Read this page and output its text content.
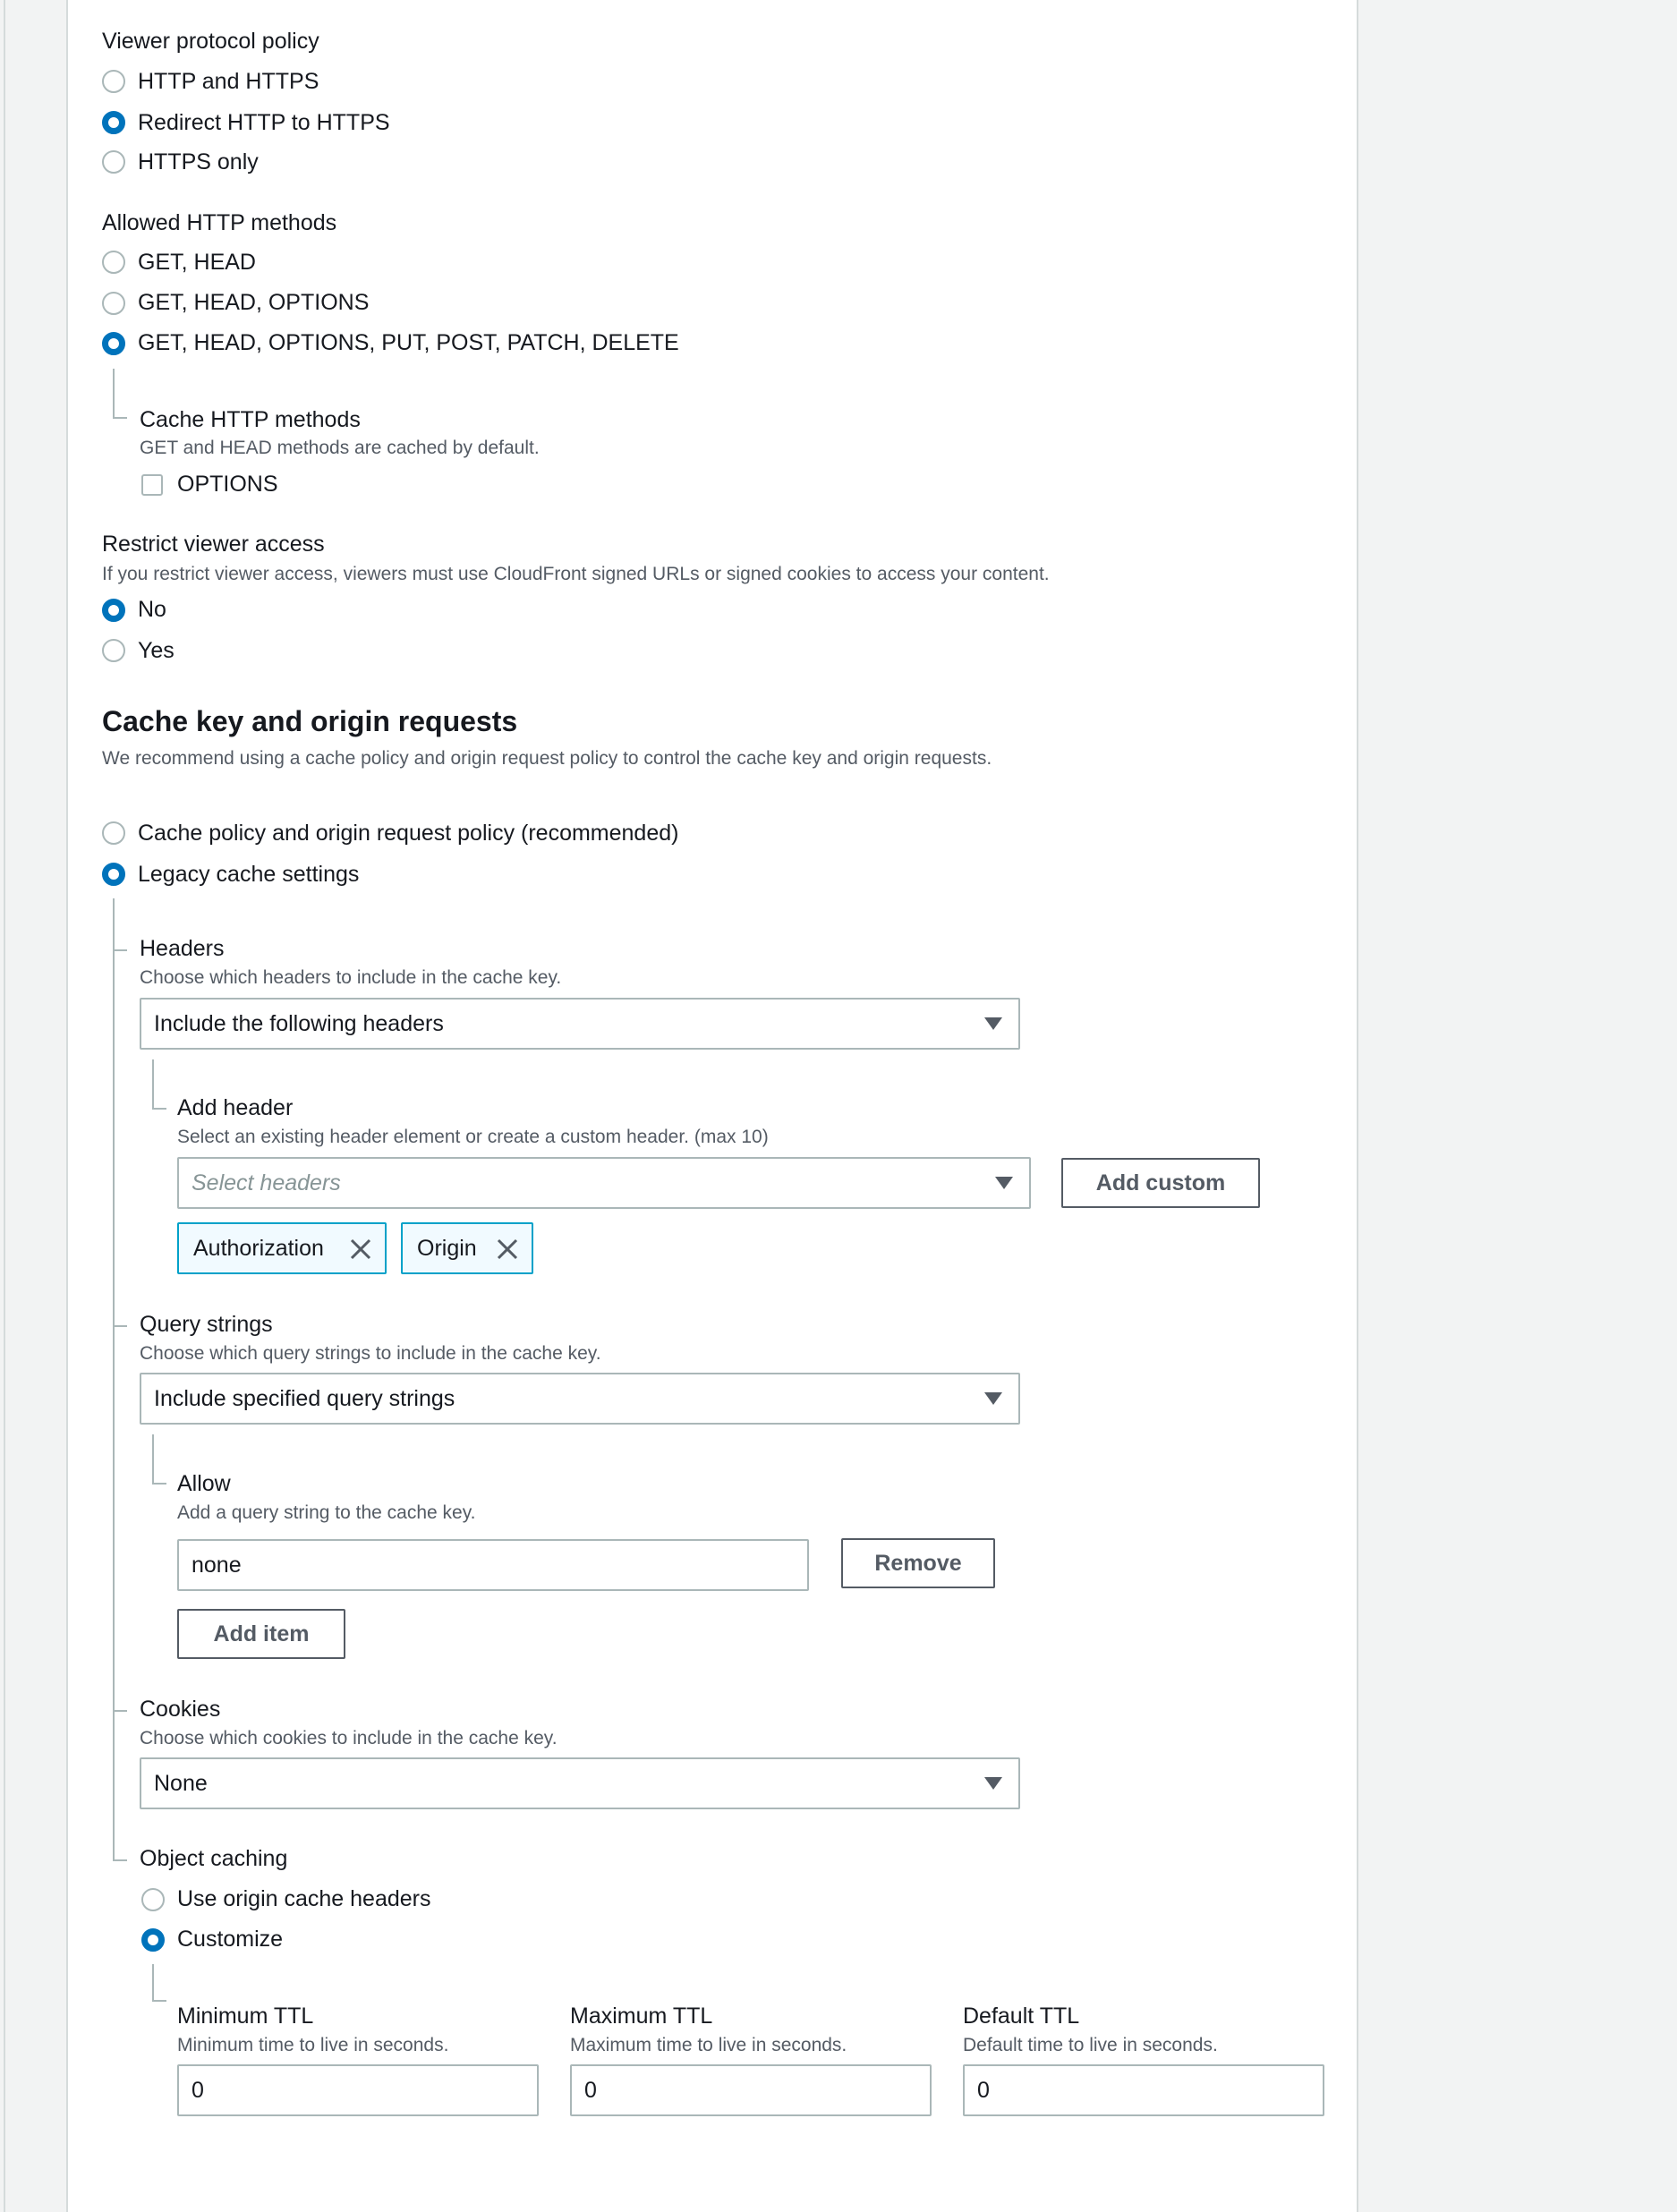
Viewer protocol policy
HTTP and HTTPS
Redirect HTTP to HTTPS
HTTPS only
Allowed HTTP methods
GET, HEAD
GET, HEAD, OPTIONS
GET, HEAD, OPTIONS, PUT, POST, PATCH, DELETE
Cache HTTP methods
GET and HEAD methods are cached by default.
OPTIONS
Restrict viewer access
If you restrict viewer access, viewers must use CloudFront signed URLs or signed cookies to access your content.
No
Yes
Cache key and origin requests
We recommend using a cache policy and origin request policy to control the cache key and origin requests.
Cache policy and origin request policy (recommended)
Legacy cache settings
Headers
Choose which headers to include in the cache key.
Include the following headers
Add header
Select an existing header element or create a custom header. (max 10)
Select headers	Add custom
Authorization	Origin
Query strings
Choose which query strings to include in the cache key.
Include specified query strings
Allow
Add a query string to the cache key.
none	Remove
Add item
Cookies
Choose which cookies to include in the cache key.
None
Object caching
Use origin cache headers
Customize
Minimum TTL
Minimum time to live in seconds.
0
Maximum TTL
Maximum time to live in seconds.
0
Default TTL
Default time to live in seconds.
0
